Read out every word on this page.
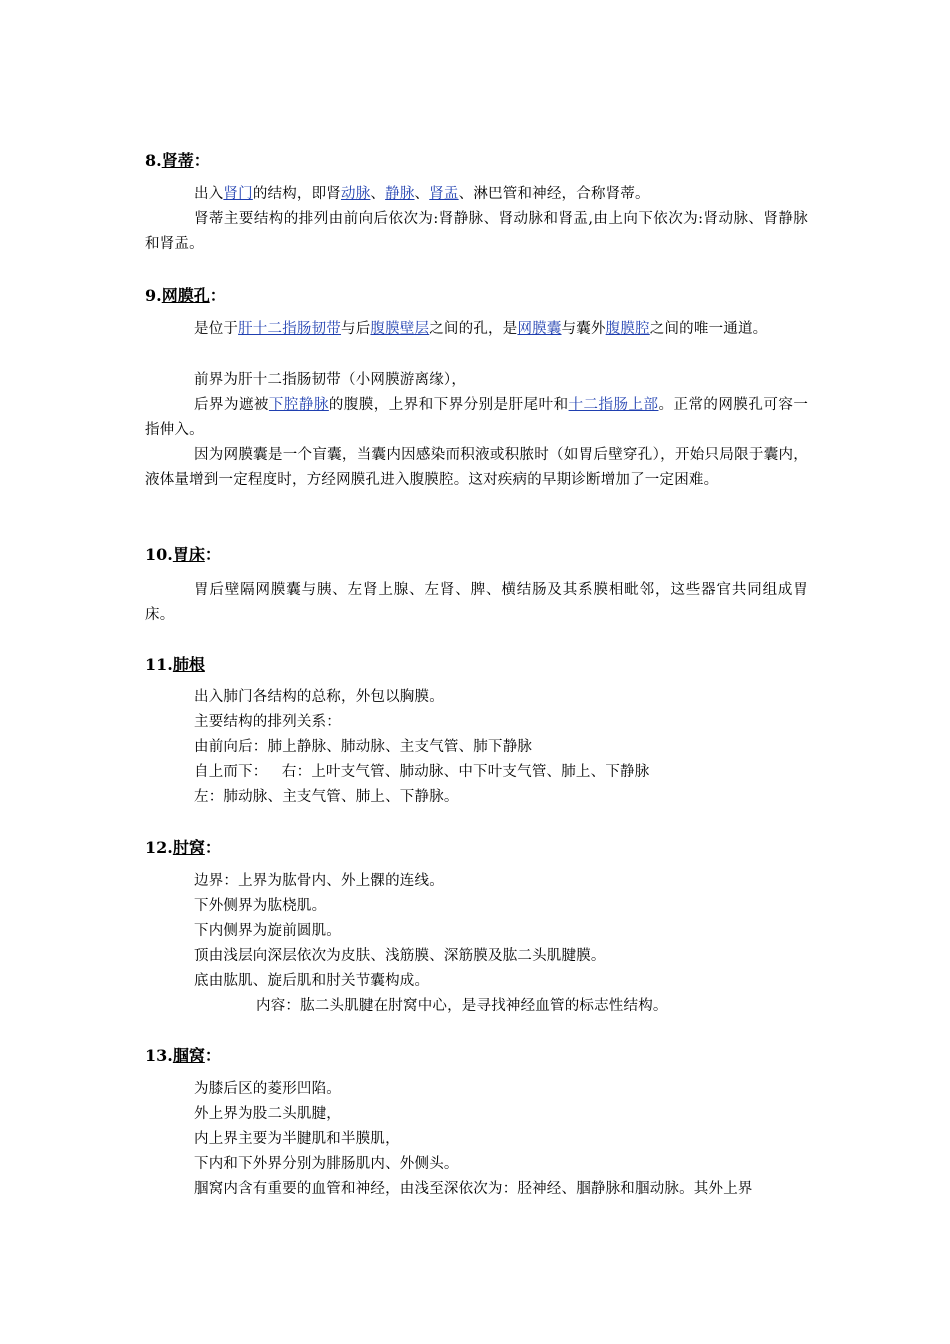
8.肾蒂：

出入肾门的结构，即肾动脉、静脉、肾盂、淋巴管和神经，合称肾蒂。

肾蒂主要结构的排列由前向后依次为:肾静脉、肾动脉和肾盂,由上向下依次为:肾动脉、肾静脉和肾盂。

9.网膜孔：

是位于肝十二指肠韧带与后腹膜壁层之间的孔，是网膜囊与囊外腹膜腔之间的唯一通道。

前界为肝十二指肠韧带（小网膜游离缘），

后界为遮被下腔静脉的腹膜，上界和下界分别是肝尾叶和十二指肠上部。正常的网膜孔可容一指伸入。

因为网膜囊是一个盲囊，当囊内因感染而积液或积脓时（如胃后壁穿孔），开始只局限于囊内，液体量增到一定程度时，方经网膜孔进入腹膜腔。这对疾病的早期诊断增加了一定困难。

10.胃床：

胃后壁隔网膜囊与胰、左肾上腺、左肾、脾、横结肠及其系膜相毗邻，这些器官共同组成胃床。

11.肺根
出入肺门各结构的总称，外包以胸膜。
主要结构的排列关系：
由前向后：肺上静脉、肺动脉、主支气管、肺下静脉
自上而下：   右：上叶支气管、肺动脉、中下叶支气管、肺上、下静脉
左：肺动脉、主支气管、肺上、下静脉。
12.肘窝：
边界：上界为肱骨内、外上髁的连线。
下外侧界为肱桡肌。
下内侧界为旋前圆肌。
顶由浅层向深层依次为皮肤、浅筋膜、深筋膜及肱二头肌腱膜。
底由肱肌、旋后肌和肘关节囊构成。
内容：肱二头肌腱在肘窝中心，是寻找神经血管的标志性结构。
13.腘窝：
为膝后区的菱形凹陷。
外上界为股二头肌腱，
内上界主要为半腱肌和半膜肌，
下内和下外界分别为腓肠肌内、外侧头。
腘窝内含有重要的血管和神经，由浅至深依次为：胫神经、腘静脉和腘动脉。其外上界
